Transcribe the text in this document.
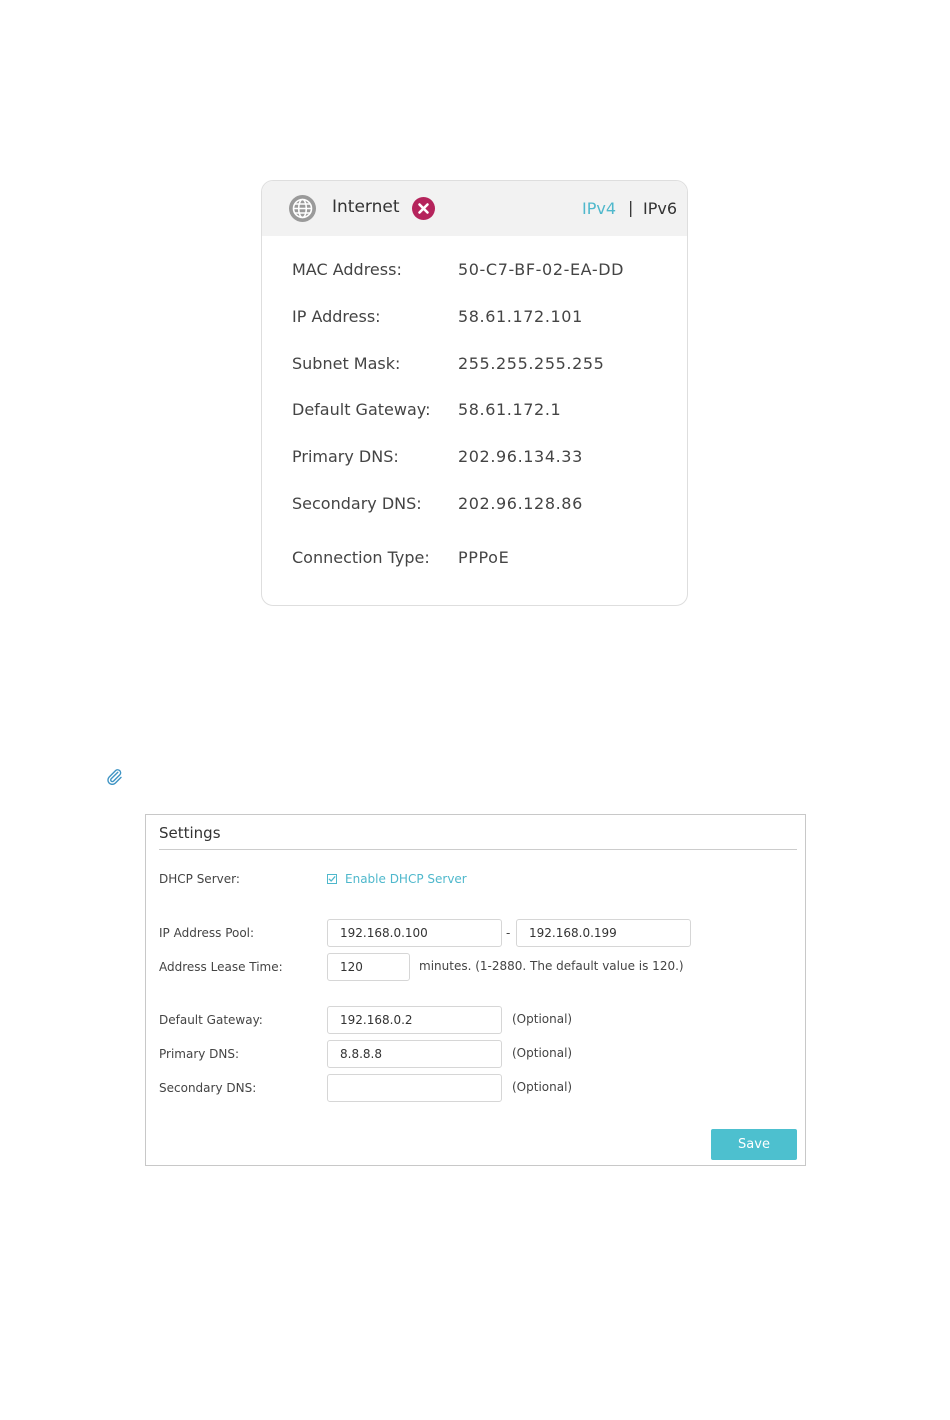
Internet	IPv4 | IPv6
MAC Address:	50-C7-BF-02-EA-DD
IP Address:	58.61.172.101
Subnet Mask:	255.255.255.255
Default Gateway: 58.61.172.1
Primary DNS:	202.96.134.33
Secondary DNS: 202.96.128.86
Connection Type: PPPoE
Settings
DHCP Server:	Enable DHCP Server
IP Address Pool:
192.168.0.100	-
192.168.0.199
Address Lease Time:
120	minutes. (1-2880. The default value is 120.)
Default Gateway:
192.168.0.2	(Optional)
Primary DNS:
8.8.8.8	(Optional)
Secondary DNS:	(Optional)
Save
